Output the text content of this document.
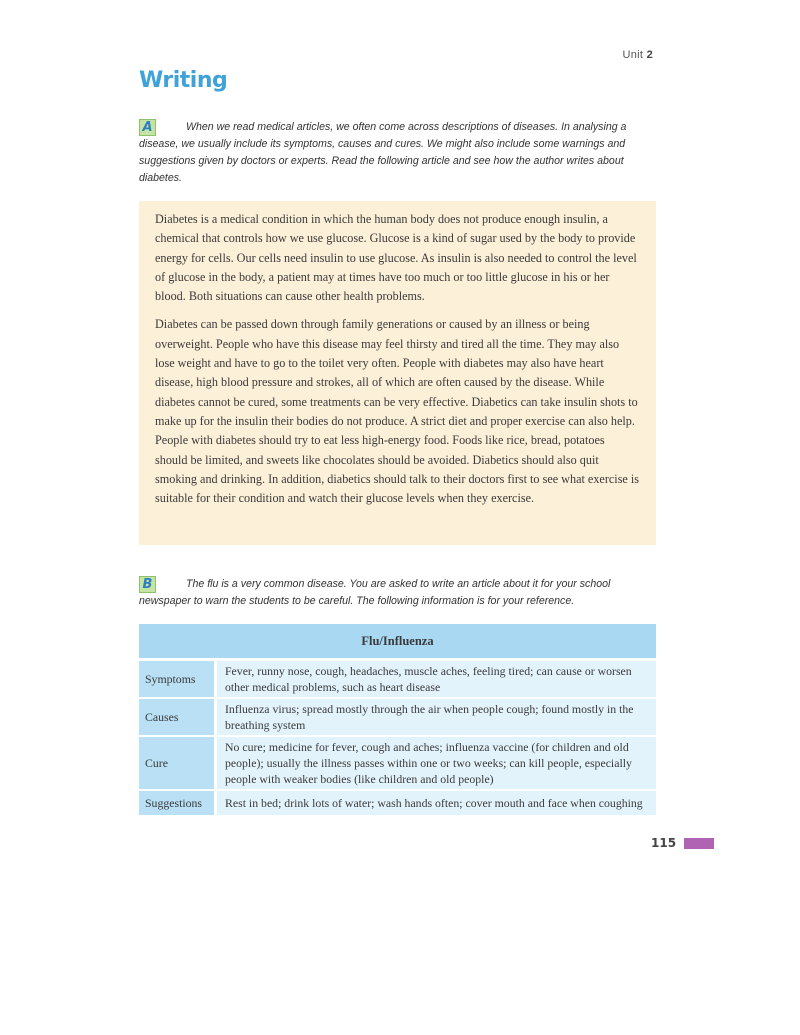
Unit 2
Writing
A	When we read medical articles, we often come across descriptions of diseases. In analysing a disease, we usually include its symptoms, causes and cures. We might also include some warnings and suggestions given by doctors or experts. Read the following article and see how the author writes about diabetes.

Diabetes is a medical condition in which the human body does not produce enough insulin, a chemical that controls how we use glucose. Glucose is a kind of sugar used by the body to provide energy for cells. Our cells need insulin to use glucose. As insulin is also needed to control the level of glucose in the body, a patient may at times have too much or too little glucose in his or her blood. Both situations can cause other health problems.

Diabetes can be passed down through family generations or caused by an illness or being overweight. People who have this disease may feel thirsty and tired all the time. They may also lose weight and have to go to the toilet very often. People with diabetes may also have heart disease, high blood pressure and strokes, all of which are often caused by the disease. While diabetes cannot be cured, some treatments can be very effective. Diabetics can take insulin shots to make up for the insulin their bodies do not produce. A strict diet and proper exercise can also help. People with diabetes should try to eat less high-energy food. Foods like rice, bread, potatoes should be limited, and sweets like chocolates should be avoided. Diabetics should also quit smoking and drinking. In addition, diabetics should talk to their doctors first to see what exercise is suitable for their condition and watch their glucose levels when they exercise.

B	The flu is a very common disease. You are asked to write an article about it for your school newspaper to warn the students to be careful. The following information is for your reference.
Flu/Influenza	
Symptoms	Fever, runny nose, cough, headaches, muscle aches, feeling tired; can cause or worsen other medical problems, such as heart disease
Causes	Influenza virus; spread mostly through the air when people cough; found mostly in the breathing system
Cure	No cure; medicine for fever, cough and aches; influenza vaccine (for children and old people); usually the illness passes within one or two weeks; can kill people, especially people with weaker bodies (like children and old people)
Suggestions	Rest in bed; drink lots of water; wash hands often; cover mouth and face when coughing
115
